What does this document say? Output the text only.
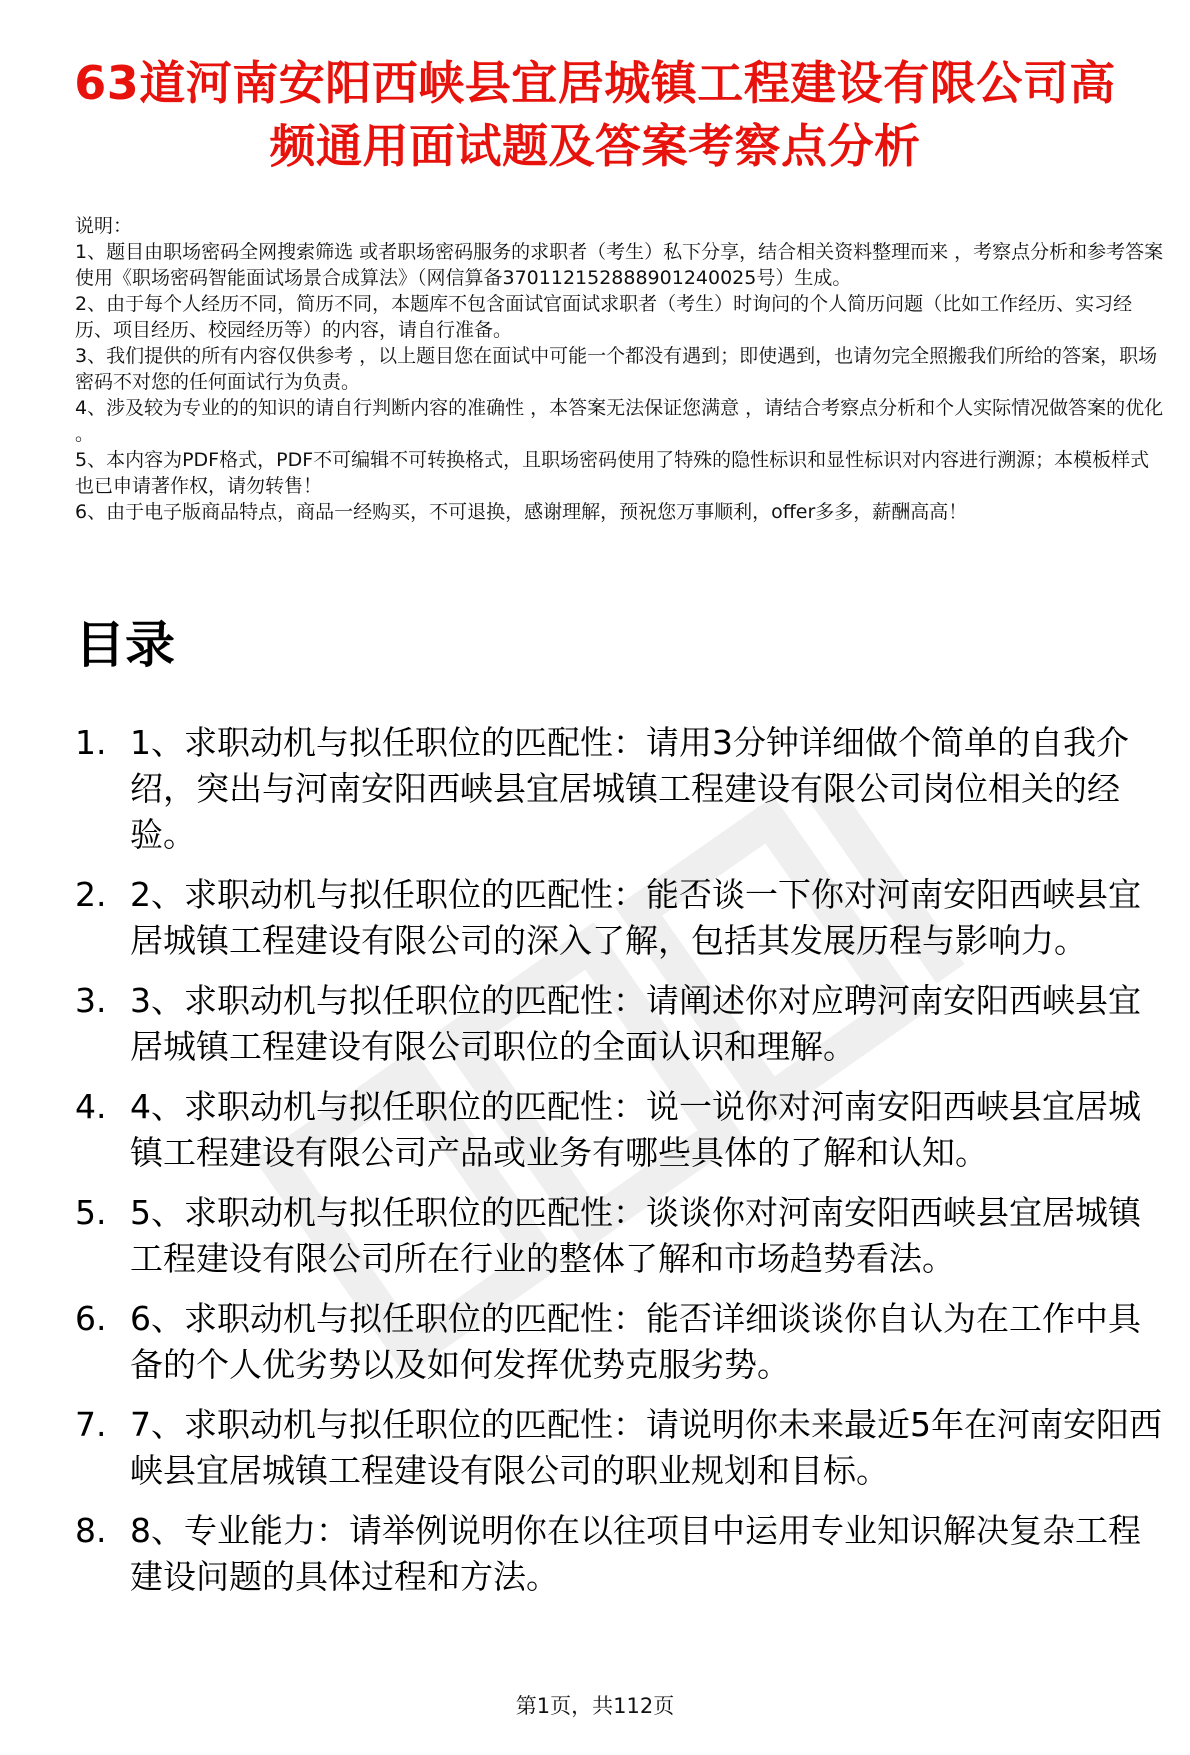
63道河南安阳西峡县宜居城镇工程建设有限公司高频通用面试题及答案考察点分析

说明：

1、题目由职场密码全网搜索筛选 或者职场密码服务的求职者（考生）私下分享，结合相关资料整理而来 ，考察点分析和参考答案使用《职场密码智能面试场景合成算法》（网信算备370112152888901240025号）生成。

2、由于每个人经历不同，简历不同，本题库不包含面试官面试求职者（考生）时询问的个人简历问题（比如工作经历、实习经历、项目经历、校园经历等）的内容，请自行准备。

3、我们提供的所有内容仅供参考 ，以上题目您在面试中可能一个都没有遇到；即使遇到，也请勿完全照搬我们所给的答案，职场密码不对您的任何面试行为负责。

4、涉及较为专业的的知识的请自行判断内容的准确性 ，本答案无法保证您满意 ，请结合考察点分析和个人实际情况做答案的优化 。

5、本内容为PDF格式，PDF不可编辑不可转换格式，且职场密码使用了特殊的隐性标识和显性标识对内容进行溯源；本模板样式也已申请著作权，请勿转售！

6、由于电子版商品特点，商品一经购买，不可退换，感谢理解，预祝您万事顺利，offer多多，薪酬高高！

目录
1. 1、求职动机与拟任职位的匹配性：请用3分钟详细做个简单的自我介绍，突出与河南安阳西峡县宜居城镇工程建设有限公司岗位相关的经验。
2. 2、求职动机与拟任职位的匹配性：能否谈一下你对河南安阳西峡县宜居城镇工程建设有限公司的深入了解，包括其发展历程与影响力。
3. 3、求职动机与拟任职位的匹配性：请阐述你对应聘河南安阳西峡县宜居城镇工程建设有限公司职位的全面认识和理解。
4. 4、求职动机与拟任职位的匹配性：说一说你对河南安阳西峡县宜居城镇工程建设有限公司产品或业务有哪些具体的了解和认知。
5. 5、求职动机与拟任职位的匹配性：谈谈你对河南安阳西峡县宜居城镇工程建设有限公司所在行业的整体了解和市场趋势看法。
6. 6、求职动机与拟任职位的匹配性：能否详细谈谈你自认为在工作中具备的个人优劣势以及如何发挥优势克服劣势。
7. 7、求职动机与拟任职位的匹配性：请说明你未来最近5年在河南安阳西峡县宜居城镇工程建设有限公司的职业规划和目标。
8. 8、专业能力：请举例说明你在以往项目中运用专业知识解决复杂工程建设问题的具体过程和方法。
第1页，共112页
